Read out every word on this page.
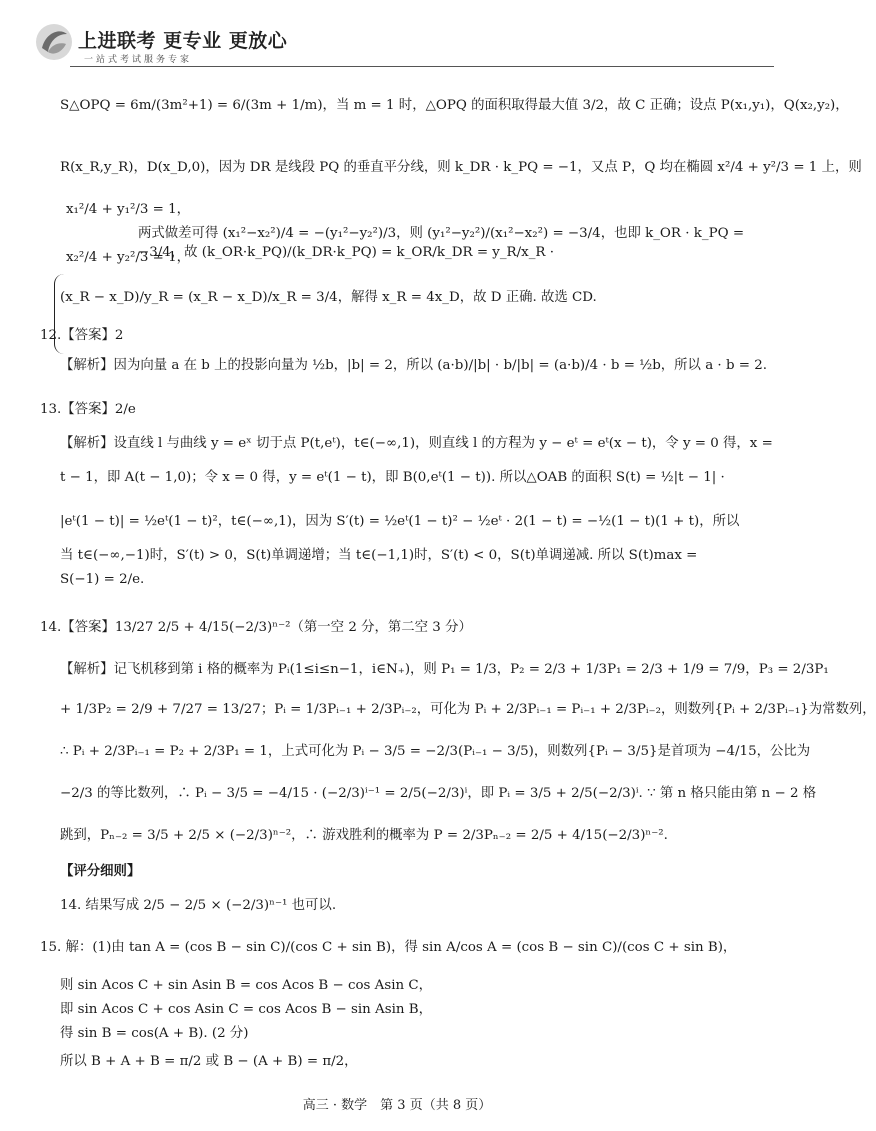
上进联考 更专业 更放心
一站式考试服务专家
S△OPQ = 6m/(3m²+1) = 6/(3m + 1/m)，当 m = 1 时，△OPQ 的面积取得最大值 3/2，故 C 正确；设点 P(x₁,y₁)，Q(x₂,y₂)，
R(x_R,y_R)，D(x_D,0)，因为 DR 是线段 PQ 的垂直平分线，则 k_DR · k_PQ = −1，又点 P，Q 均在椭圆 x²/4 + y²/3 = 1 上，则
x₁²/4 + y₁²/3 = 1，
两式做差可得 (x₁²−x₂²)/4 = −(y₁²−y₂²)/3，则 (y₁²−y₂²)/(x₁²−x₂²) = −3/4，也即 k_OR · k_PQ = −3/4，故 (k_OR·k_PQ)/(k_DR·k_PQ) = k_OR/k_DR = y_R/x_R ·
x₂²/4 + y₂²/3 = 1，
(x_R − x_D)/y_R = (x_R − x_D)/x_R = 3/4，解得 x_R = 4x_D，故 D 正确. 故选 CD.
12.【答案】2
【解析】因为向量 a 在 b 上的投影向量为 ½b，|b| = 2，所以 (a·b)/|b| · b/|b| = (a·b)/4 · b = ½b，所以 a · b = 2.
13.【答案】2/e
【解析】设直线 l 与曲线 y = eˣ 切于点 P(t,eᵗ)，t∈(−∞,1)，则直线 l 的方程为 y − eᵗ = eᵗ(x − t)，令 y = 0 得，x =
t − 1，即 A(t − 1,0)；令 x = 0 得，y = eᵗ(1 − t)，即 B(0,eᵗ(1 − t)). 所以△OAB 的面积 S(t) = ½|t − 1| ·
|eᵗ(1 − t)| = ½eᵗ(1 − t)²，t∈(−∞,1)，因为 S′(t) = ½eᵗ(1 − t)² − ½eᵗ · 2(1 − t) = −½(1 − t)(1 + t)，所以
当 t∈(−∞,−1)时，S′(t) > 0，S(t)单调递增；当 t∈(−1,1)时，S′(t) < 0，S(t)单调递减. 所以 S(t)max =
S(−1) = 2/e.
14.【答案】13/27 2/5 + 4/15(−2/3)ⁿ⁻²（第一空 2 分，第二空 3 分）
【解析】记飞机移到第 i 格的概率为 Pᵢ(1≤i≤n−1，i∈N₊)，则 P₁ = 1/3，P₂ = 2/3 + 1/3P₁ = 2/3 + 1/9 = 7/9，P₃ = 2/3P₁
+ 1/3P₂ = 2/9 + 7/27 = 13/27；Pᵢ = 1/3Pᵢ₋₁ + 2/3Pᵢ₋₂，可化为 Pᵢ + 2/3Pᵢ₋₁ = Pᵢ₋₁ + 2/3Pᵢ₋₂，则数列{Pᵢ + 2/3Pᵢ₋₁}为常数列，
∴ Pᵢ + 2/3Pᵢ₋₁ = P₂ + 2/3P₁ = 1，上式可化为 Pᵢ − 3/5 = −2/3(Pᵢ₋₁ − 3/5)，则数列{Pᵢ − 3/5}是首项为 −4/15，公比为
−2/3 的等比数列，∴ Pᵢ − 3/5 = −4/15 · (−2/3)ⁱ⁻¹ = 2/5(−2/3)ⁱ，即 Pᵢ = 3/5 + 2/5(−2/3)ⁱ. ∵ 第 n 格只能由第 n − 2 格
跳到，Pₙ₋₂ = 3/5 + 2/5 × (−2/3)ⁿ⁻²，∴ 游戏胜利的概率为 P = 2/3Pₙ₋₂ = 2/5 + 4/15(−2/3)ⁿ⁻².
【评分细则】
14. 结果写成 2/5 − 2/5 × (−2/3)ⁿ⁻¹ 也可以.
15. 解：(1)由 tan A = (cos B − sin C)/(cos C + sin B)，得 sin A/cos A = (cos B − sin C)/(cos C + sin B)，
则 sin Acos C + sin Asin B = cos Acos B − cos Asin C，
即 sin Acos C + cos Asin C = cos Acos B − sin Asin B，
得 sin B = cos(A + B). (2 分)
所以 B + A + B = π/2 或 B − (A + B) = π/2，
高三 · 数学　第 3 页（共 8 页）
